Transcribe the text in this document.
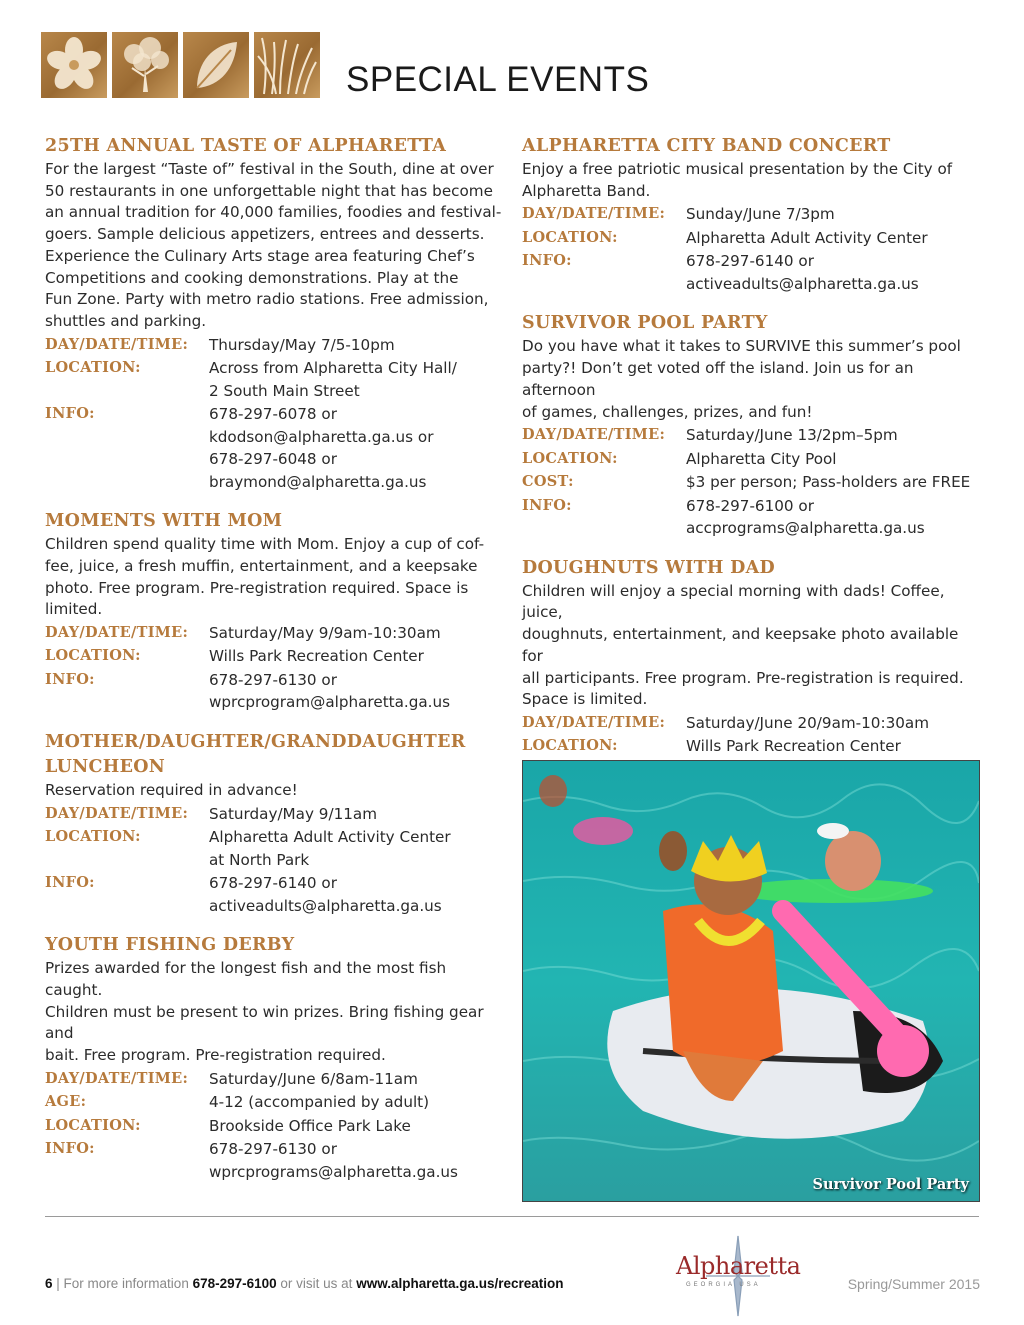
SPECIAL EVENTS
25TH ANNUAL TASTE OF ALPHARETTA
For the largest “Taste of” festival in the South, dine at over
50 restaurants in one unforgettable night that has become
an annual tradition for 40,000 families, foodies and festival-
goers. Sample delicious appetizers, entrees and desserts.
Experience the Culinary Arts stage area featuring Chef’s
Competitions and cooking demonstrations. Play at the
Fun Zone. Party with metro radio stations. Free admission,
shuttles and parking.
DAY/DATE/TIME:	Thursday/May 7/5-10pm
LOCATION:	Across from Alpharetta City Hall/
2 South Main Street
INFO:	678-297-6078 or
kdodson@alpharetta.ga.us or
678-297-6048 or
braymond@alpharetta.ga.us
MOMENTS WITH MOM
Children spend quality time with Mom. Enjoy a cup of cof-
fee, juice, a fresh muffin, entertainment, and a keepsake
photo. Free program. Pre-registration required. Space is
limited.
DAY/DATE/TIME:	Saturday/May 9/9am-10:30am
LOCATION:	Wills Park Recreation Center
INFO:	678-297-6130 or
wprcprogram@alpharetta.ga.us
MOTHER/DAUGHTER/GRANDDAUGHTER LUNCHEON
Reservation required in advance!
DAY/DATE/TIME:	Saturday/May 9/11am
LOCATION:	Alpharetta Adult Activity Center
at North Park
INFO:	678-297-6140 or
activeadults@alpharetta.ga.us
YOUTH FISHING DERBY
Prizes awarded for the longest fish and the most fish caught.
Children must be present to win prizes. Bring fishing gear and
bait. Free program. Pre-registration required.
DAY/DATE/TIME:	Saturday/June 6/8am-11am
AGE:	4-12 (accompanied by adult)
LOCATION:	Brookside Office Park Lake
INFO:	678-297-6130 or
wprcprograms@alpharetta.ga.us
ALPHARETTA CITY BAND CONCERT
Enjoy a free patriotic musical presentation by the City of
Alpharetta Band.
DAY/DATE/TIME:	Sunday/June 7/3pm
LOCATION:	Alpharetta Adult Activity Center
INFO:	678-297-6140 or
activeadults@alpharetta.ga.us
SURVIVOR POOL PARTY
Do you have what it takes to SURVIVE this summer’s pool
party?! Don’t get voted off the island. Join us for an afternoon
of games, challenges, prizes, and fun!
DAY/DATE/TIME:	Saturday/June 13/2pm–5pm
LOCATION:	Alpharetta City Pool
COST:	$3 per person; Pass-holders are FREE
INFO:	678-297-6100 or
accprograms@alpharetta.ga.us
DOUGHNUTS WITH DAD
Children will enjoy a special morning with dads! Coffee, juice,
doughnuts, entertainment, and keepsake photo available for
all participants. Free program. Pre-registration is required.
Space is limited.
DAY/DATE/TIME:	Saturday/June 20/9am-10:30am
LOCATION:	Wills Park Recreation Center
Survivor Pool Party
6 | For more information 678-297-6100 or visit us at www.alpharetta.ga.us/recreation
Alpharetta
GEORGIA USA	Spring/Summer 2015
